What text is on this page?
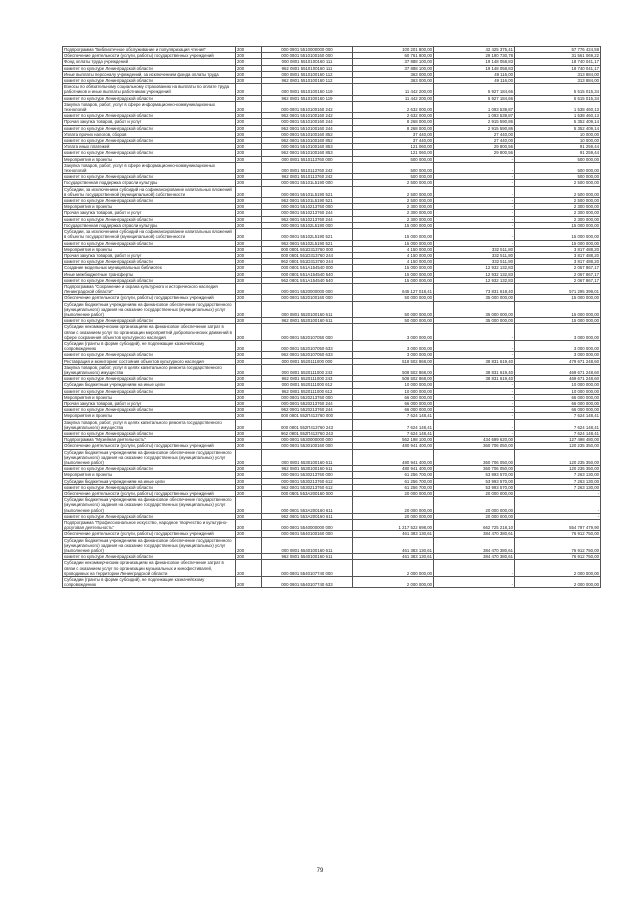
Подпрограмма "Библиотечное обслуживание и популяризация чтения"	200	000 0801 5510000000 000	100 201 800,00	42 425 375,41	57 776 424,59
Обеспечение деятельности (услуги, работы) государственных учреждений	200	000 0801 5510100160 000	60 761 800,00	29 190 730,78	31 561 069,22
Фонд оплаты труда учреждений	200	000 0801 5510100160 111	37 888 100,00	19 148 058,83	18 740 041,17
комитет по культуре Ленинградской области	200	962 0801 5510100160 111	37 888 100,00	19 148 058,83	18 740 041,17
Иные выплаты персоналу учреждений, за исключением фонда оплаты труда	200	000 0801 5510100160 112	363 000,00	49 116,00	313 884,00
комитет по культуре Ленинградской области	200	962 0801 5510100160 112	363 000,00	49 116,00	313 884,00
Взносы по обязательному социальному страхованию на выплаты по оплате труда работников и иные выплаты работникам учреждений	200	000 0801 5510100160 119	11 442 200,00	5 927 184,66	5 515 015,34
комитет по культуре Ленинградской области	200	962 0801 5510100160 119	11 442 200,00	5 927 184,66	5 515 015,34
Закупка товаров, работ, услуг в сфере информационно-коммуникационных технологий	200	000 0801 5510100160 242	2 632 000,00	1 093 539,87	1 538 460,13
комитет по культуре Ленинградской области	200	962 0801 5510100160 242	2 632 000,00	1 093 539,87	1 538 460,13
Прочая закупка товаров, работ и услуг	200	000 0801 5510100160 244	8 268 000,00	2 915 590,86	5 352 409,14
комитет по культуре Ленинградской области	200	962 0801 5510100160 244	8 268 000,00	2 915 590,86	5 352 409,14
Уплата прочих налогов, сборов	200	000 0801 5510100160 852	37 440,00	27 440,00	10 000,00
комитет по культуре Ленинградской области	200	962 0801 5510100160 852	37 440,00	27 440,00	10 000,00
Уплата иных платежей	200	000 0801 5510100160 853	121 060,00	29 800,56	91 259,44
комитет по культуре Ленинградской области	200	962 0801 5510100160 853	121 060,00	29 800,56	91 259,44
Мероприятия и проекты	200	000 0801 5510113760 000	500 000,00	-	500 000,00
Закупка товаров, работ, услуг в сфере информационно-коммуникационных технологий	200	000 0801 5510113760 242	500 000,00	-	500 000,00
комитет по культуре Ленинградской области	200	962 0801 5510113760 242	500 000,00	-	500 000,00
Государственная поддержка отрасли культуры	200	000 0801 55101L5190 000	2 500 000,00	-	2 500 000,00
Субсидии, за исключением субсидий на софинансирование капитальных вложений в объекты государственной (муниципальной) собственности	200	000 0801 55101L5190 521	2 500 000,00	-	2 500 000,00
комитет по культуре Ленинградской области	200	962 0801 55101L5190 521	2 500 000,00	-	2 500 000,00
Мероприятия и проекты	200	000 0801 5510213760 000	2 300 000,00	-	2 300 000,00
Прочая закупка товаров, работ и услуг	200	000 0801 5510213760 244	2 300 000,00	-	2 300 000,00
комитет по культуре Ленинградской области	200	962 0801 5510213760 244	2 300 000,00	-	2 300 000,00
Государственная поддержка отрасли культуры	200	000 0801 55102L5190 000	15 000 000,00	-	15 000 000,00
Субсидии, за исключением субсидий на софинансирование капитальных вложений в объекты государственной (муниципальной) собственности	200	000 0801 55102L5190 521	15 000 000,00	-	15 000 000,00
комитет по культуре Ленинградской области	200	962 0801 55102L5190 521	15 000 000,00	-	15 000 000,00
Мероприятия и проекты	200	000 0801 551D313760 000	4 150 000,00	332 511,80	3 817 488,20
Прочая закупка товаров, работ и услуг	200	000 0801 551D313760 244	4 150 000,00	332 511,80	3 817 488,20
комитет по культуре Ленинградской области	200	962 0801 551D313760 244	4 150 000,00	332 511,80	3 817 488,20
Создание модельных муниципальных библиотек	200	000 0801 551A154540 000	15 000 000,00	12 932 132,83	2 067 867,17
Иные межбюджетные трансферты	200	000 0801 551A154540 540	15 000 000,00	12 932 132,83	2 067 867,17
комитет по культуре Ленинградской области	200	962 0801 551A154540 540	15 000 000,00	12 932 132,83	2 067 867,17
Подпрограмма "Сохранение и охрана культурного и исторического наследия Ленинградской области"	200	000 0801 5520000000 000	645 127 018,41	73 831 618,40	571 295 399,01
Обеспечение деятельности (услуги, работы) государственных учреждений	200	000 0801 5520100160 000	50 000 000,00	35 000 000,00	15 000 000,00
Субсидии бюджетным учреждениям на финансовое обеспечение государственного (муниципального) задания на оказание государственных (муниципальных) услуг (выполнение работ)	200	000 0801 5520100160 611	50 000 000,00	35 000 000,00	15 000 000,00
комитет по культуре Ленинградской области	200	962 0801 5520100160 611	50 000 000,00	35 000 000,00	15 000 000,00
Субсидии некоммерческим организациям на финансовое обеспечение затрат в связи с оказанием услуг по организации мероприятий добровольческих движений в сфере сохранения объектов культурного наследия	200	000 0801 5520107050 000	3 000 000,00	-	3 000 000,00
Субсидии (гранты в форме субсидий), не подлежащие казначейскому сопровождению	200	000 0801 5520107050 633	3 000 000,00	-	3 000 000,00
комитет по культуре Ленинградской области	200	962 0801 5520107050 633	3 000 000,00	-	3 000 000,00
Реставрация и мониторинг состояния объектов культурного наследия	200	000 0801 5520111000 000	518 502 868,00	38 831 619,40	479 671 248,60
Закупка товаров, работ, услуг в целях капитального ремонта государственного (муниципального) имущества	200	000 0801 5520111000 243	508 502 868,00	38 831 619,40	469 671 248,60
комитет по культуре Ленинградской области	200	962 0801 5520111000 243	508 502 868,00	38 831 619,40	469 671 248,60
Субсидии бюджетным учреждениям на иные цели	200	000 0801 5520111000 612	10 000 000,00	-	10 000 000,00
комитет по культуре Ленинградской области	200	962 0801 5520111000 612	10 000 000,00	-	10 000 000,00
Мероприятия и проекты	200	000 0801 5520213760 000	66 000 000,00	-	66 000 000,00
Прочая закупка товаров, работ и услуг	200	000 0801 5520213760 244	66 000 000,00	-	66 000 000,00
комитет по культуре Ленинградской области	200	962 0801 5520213760 244	66 000 000,00	-	66 000 000,00
Мероприятия и проекты	200	000 0801 552П413760 000	7 624 148,41	-	7 624 148,41
Закупка товаров, работ, услуг в целях капитального ремонта государственного (муниципального) имущества	200	000 0801 552П413760 243	7 624 148,41	-	7 624 148,41
комитет по культуре Ленинградской области	200	962 0801 552П413760 243	7 624 148,41	-	7 624 148,41
Подпрограмма "Музейная деятельность"	200	000 0801 5530000000 000	562 198 100,00	434 699 620,00	127 498 480,00
Обеспечение деятельности (услуги, работы) государственных учреждений	200	000 0801 5530100160 000	480 941 400,00	360 706 050,00	120 235 350,00
Субсидии бюджетным учреждениям на финансовое обеспечение государственного (муниципального) задания на оказание государственных (муниципальных) услуг (выполнение работ)	200	000 0801 5530100160 611	480 941 400,00	360 706 050,00	120 235 350,00
комитет по культуре Ленинградской области	200	962 0801 5530100160 611	480 941 400,00	360 706 050,00	120 235 350,00
Мероприятия и проекты	200	000 0801 5530213760 000	61 256 700,00	53 993 570,00	7 263 130,00
Субсидии бюджетным учреждениям на иные цели	200	000 0801 5530213760 612	61 256 700,00	53 993 570,00	7 263 130,00
комитет по культуре Ленинградской области	200	962 0801 5530213760 612	61 256 700,00	53 993 570,00	7 263 130,00
Обеспечение деятельности (услуги, работы) государственных учреждений	200	000 0801 553A200160 000	20 000 000,00	20 000 000,00	-
Субсидии бюджетным учреждениям на финансовое обеспечение государственного (муниципального) задания на оказание государственных (муниципальных) услуг (выполнение работ)	200	000 0801 553A200160 611	20 000 000,00	20 000 000,00	-
комитет по культуре Ленинградской области	200	962 0801 553A200160 611	20 000 000,00	20 000 000,00	-
Подпрограмма "Профессиональное искусство, народное творчество и культурно-досуговая деятельность"	200	000 0801 5540000000 000	1 217 522 698,00	662 725 218,10	554 797 479,90
Обеспечение деятельности (услуги, работы) государственных учреждений	200	000 0801 5540100160 000	461 383 130,61	384 470 380,61	76 912 750,00
Субсидии бюджетным учреждениям на финансовое обеспечение государственного (муниципального) задания на оказание государственных (муниципальных) услуг (выполнение работ)	200	000 0801 5540100160 611	461 383 130,61	384 470 380,61	76 912 750,00
комитет по культуре Ленинградской области	200	962 0801 5540100160 611	461 383 130,61	384 470 380,61	76 912 750,00
Субсидии некоммерческим организациям на финансовое обеспечение затрат в связи с оказанием услуг по организации музыкальных и кинофестивалей, проводимых на территории Ленинградской области	200	000 0801 5540107740 000	2 000 000,00	-	2 000 000,00
Субсидии (гранты в форме субсидий), не подлежащие казначейскому сопровождению	200	000 0801 5540107740 633	2 000 000,00	-	2 000 000,00
79
